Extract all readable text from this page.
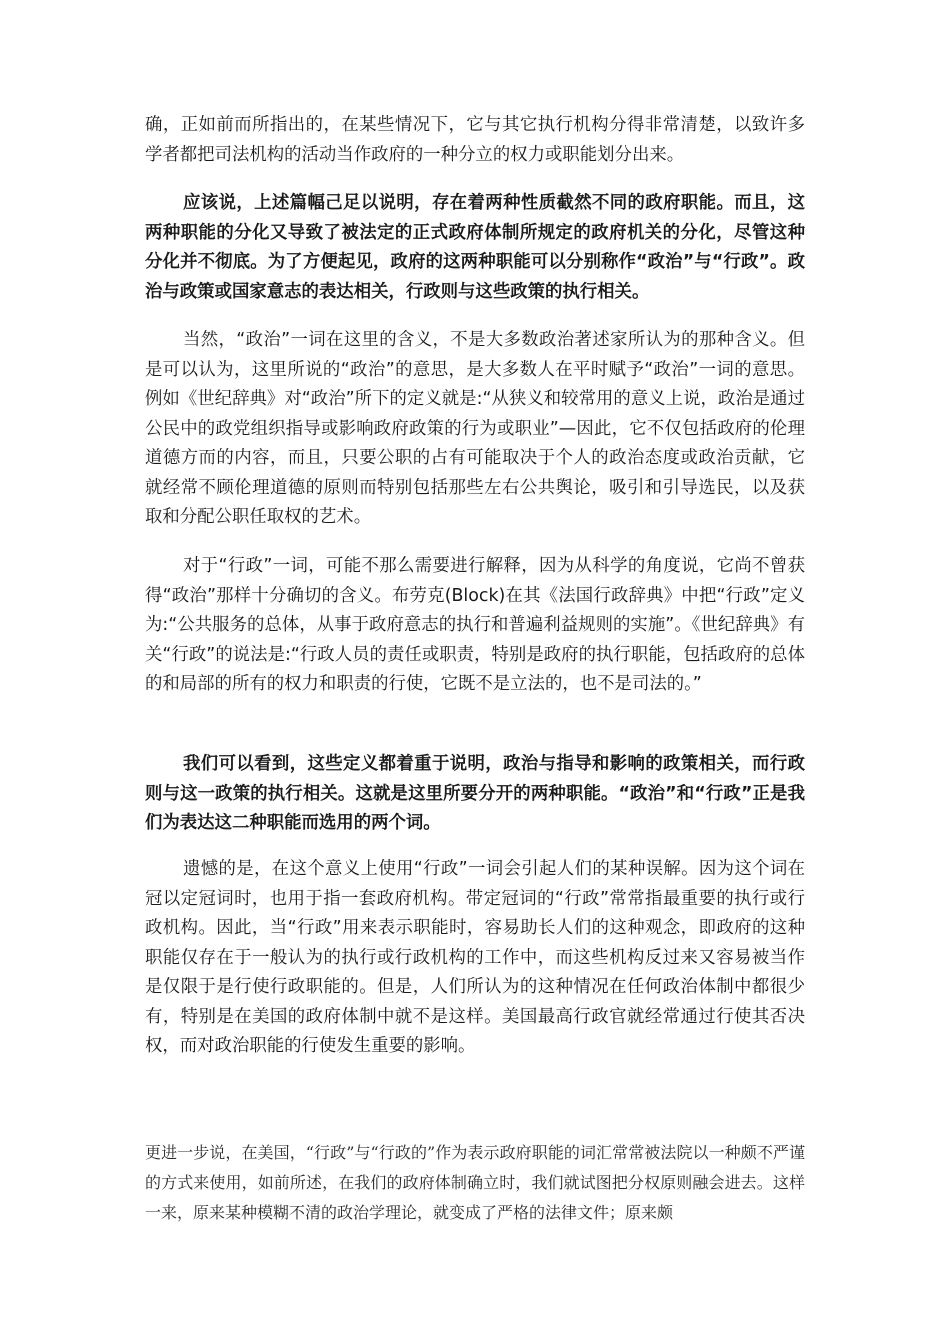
确，正如前而所指出的，在某些情况下，它与其它执行机构分得非常清楚，以致许多学者都把司法机构的活动当作政府的一种分立的权力或职能划分出来。

应该说，上述篇幅己足以说明，存在着两种性质截然不同的政府职能。而且，这两种职能的分化又导致了被法定的正式政府体制所规定的政府机关的分化，尽管这种分化并不彻底。为了方便起见，政府的这两种职能可以分别称作“政治”与“行政”。政治与政策或国家意志的表达相关，行政则与这些政策的执行相关。

当然，“政治”一词在这里的含义，不是大多数政治著述家所认为的那种含义。但是可以认为，这里所说的“政治”的意思，是大多数人在平时赋予“政治”一词的意思。例如《世纪辞典》对“政治”所下的定义就是:“从狭义和较常用的意义上说，政治是通过公民中的政党组织指导或影响政府政策的行为或职业”—因此，它不仅包括政府的伦理道德方而的内容，而且，只要公职的占有可能取决于个人的政治态度或政治贡献，它就经常不顾伦理道德的原则而特别包括那些左右公共舆论，吸引和引导选民，以及获取和分配公职任取权的艺术。

对于“行政”一词，可能不那么需要进行解释，因为从科学的角度说，它尚不曾获得“政治”那样十分确切的含义。布劳克(Block)在其《法国行政辞典》中把“行政”定义为:“公共服务的总体，从事于政府意志的执行和普遍利益规则的实施”。《世纪辞典》有关“行政”的说法是:“行政人员的责任或职责，特别是政府的执行职能，包括政府的总体的和局部的所有的权力和职责的行使，它既不是立法的，也不是司法的。”

我们可以看到，这些定义都着重于说明，政治与指导和影响的政策相关，而行政则与这一政策的执行相关。这就是这里所要分开的两种职能。“政治”和“行政”正是我们为表达这二种职能而选用的两个词。

遗憾的是，在这个意义上使用“行政”一词会引起人们的某种误解。因为这个词在冠以定冠词时，也用于指一套政府机构。带定冠词的“行政”常常指最重要的执行或行政机构。因此，当“行政”用来表示职能时，容易助长人们的这种观念，即政府的这种职能仅存在于一般认为的执行或行政机构的工作中，而这些机构反过来又容易被当作是仅限于是行使行政职能的。但是，人们所认为的这种情况在任何政治体制中都很少有，特别是在美国的政府体制中就不是这样。美国最高行政官就经常通过行使其否决权，而对政治职能的行使发生重要的影响。

更进一步说，在美国，“行政”与“行政的”作为表示政府职能的词汇常常被法院以一种颇不严谨的方式来使用，如前所述，在我们的政府体制确立时，我们就试图把分权原则融会进去。这样一来，原来某种模糊不清的政治学理论，就变成了严格的法律文件；原来颇
